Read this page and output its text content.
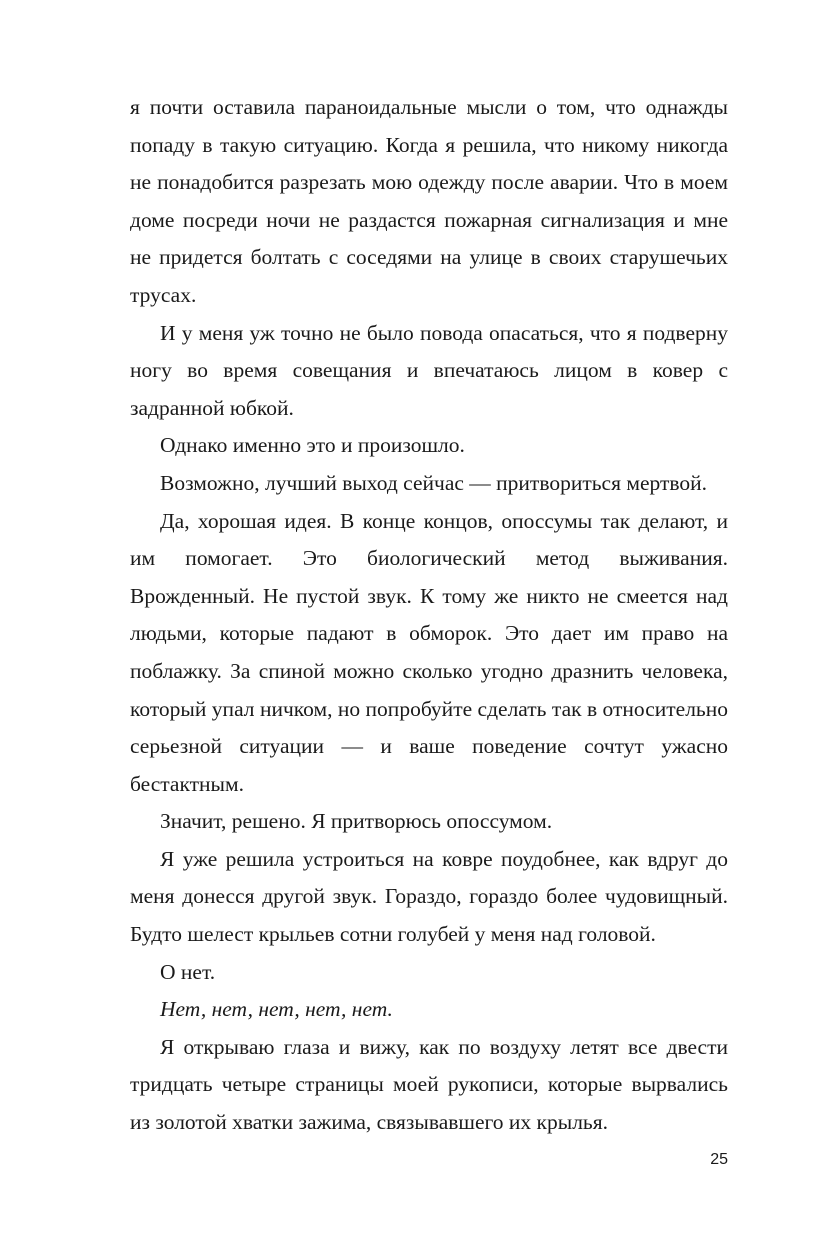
я почти оставила параноидальные мысли о том, что однажды попаду в такую ситуацию. Когда я решила, что никому никогда не понадобится разрезать мою одежду после аварии. Что в моем доме посреди ночи не раздастся пожарная сигнализация и мне не придется болтать с соседями на улице в своих старушечьих трусах.

И у меня уж точно не было повода опасаться, что я подверну ногу во время совещания и впечатаюсь лицом в ковер с задранной юбкой.

Однако именно это и произошло.

Возможно, лучший выход сейчас — притвориться мертвой.

Да, хорошая идея. В конце концов, опоссумы так делают, и им помогает. Это биологический метод выживания. Врожденный. Не пустой звук. К тому же никто не смеется над людьми, которые падают в обморок. Это дает им право на поблажку. За спиной можно сколько угодно дразнить человека, который упал ничком, но попробуйте сделать так в относительно серьезной ситуации — и ваше поведение сочтут ужасно бестактным.

Значит, решено. Я притворюсь опоссумом.

Я уже решила устроиться на ковре поудобнее, как вдруг до меня донесся другой звук. Гораздо, гораздо более чудовищный. Будто шелест крыльев сотни голубей у меня над головой.

О нет.

Нет, нет, нет, нет, нет.

Я открываю глаза и вижу, как по воздуху летят все двести тридцать четыре страницы моей рукописи, которые вырвались из золотой хватки зажима, связывавшего их крылья.

25
